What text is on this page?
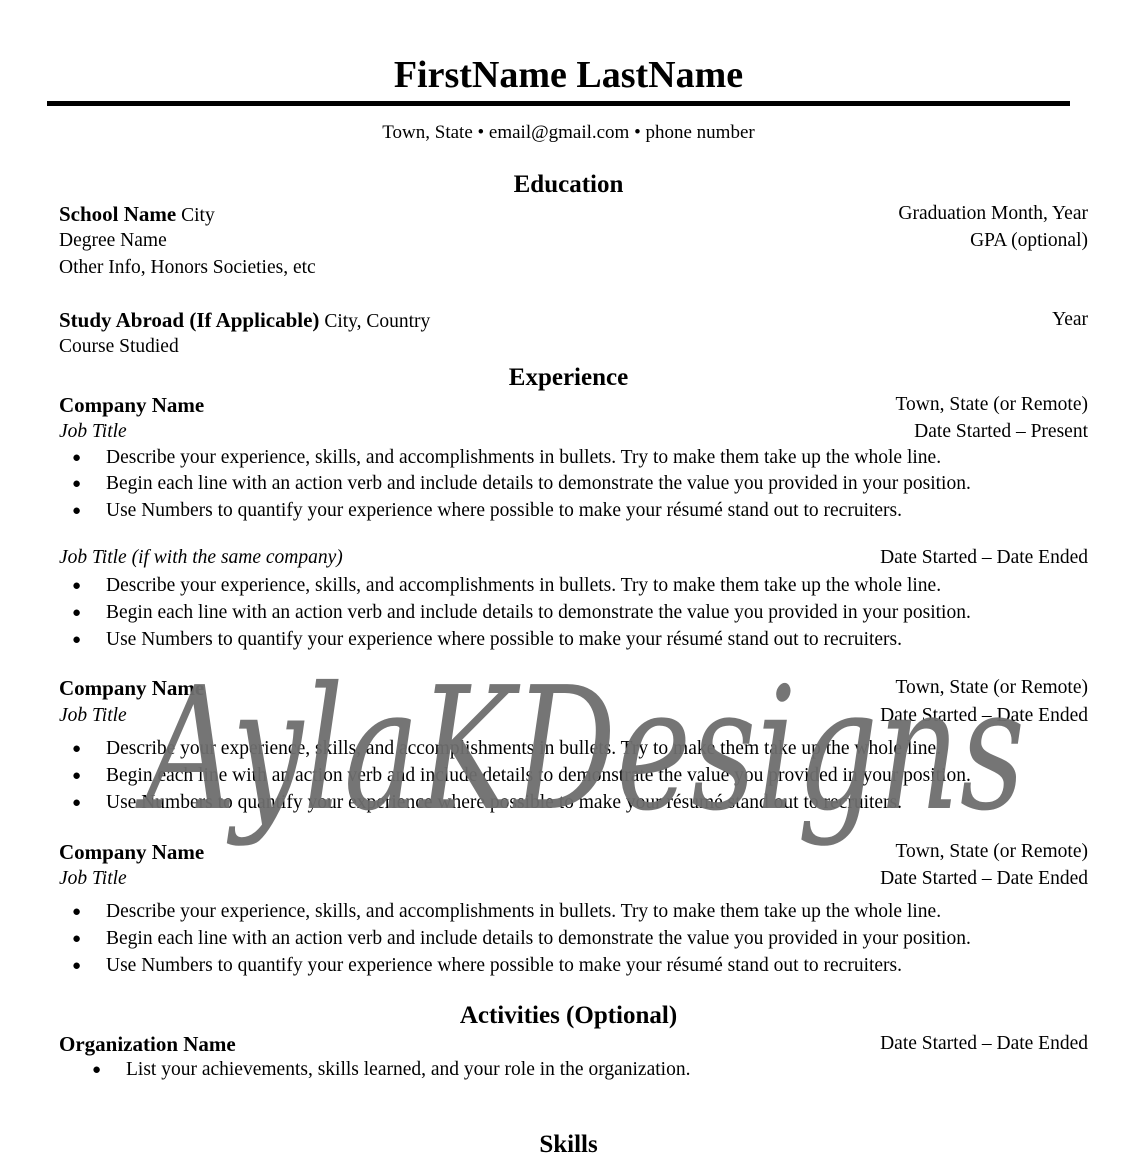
FirstName LastName
Town, State • email@gmail.com • phone number
Education
School Name City	Graduation Month, Year
Degree Name	GPA (optional)
Other Info, Honors Societies, etc
Study Abroad (If Applicable) City, Country	Year
Course Studied
Experience
Company Name	Town, State (or Remote)
Job Title	Date Started – Present
● Describe your experience, skills, and accomplishments in bullets. Try to make them take up the whole line.
● Begin each line with an action verb and include details to demonstrate the value you provided in your position.
● Use Numbers to quantify your experience where possible to make your résumé stand out to recruiters.
Job Title (if with the same company)	Date Started – Date Ended
● Describe your experience, skills, and accomplishments in bullets. Try to make them take up the whole line.
● Begin each line with an action verb and include details to demonstrate the value you provided in your position.
● Use Numbers to quantify your experience where possible to make your résumé stand out to recruiters.
Company Name	Town, State (or Remote)
Job Title	Date Started – Date Ended
● Describe your experience, skills, and accomplishments in bullets. Try to make them take up the whole line.
● Begin each line with an action verb and include details to demonstrate the value you provided in your position.
● Use Numbers to quantify your experience where possible to make your résumé stand out to recruiters.
Company Name	Town, State (or Remote)
Job Title	Date Started – Date Ended
● Describe your experience, skills, and accomplishments in bullets. Try to make them take up the whole line.
● Begin each line with an action verb and include details to demonstrate the value you provided in your position.
● Use Numbers to quantify your experience where possible to make your résumé stand out to recruiters.
Activities (Optional)
Organization Name	Date Started – Date Ended
● List your achievements, skills learned, and your role in the organization.
Skills
AylaKDesigns
